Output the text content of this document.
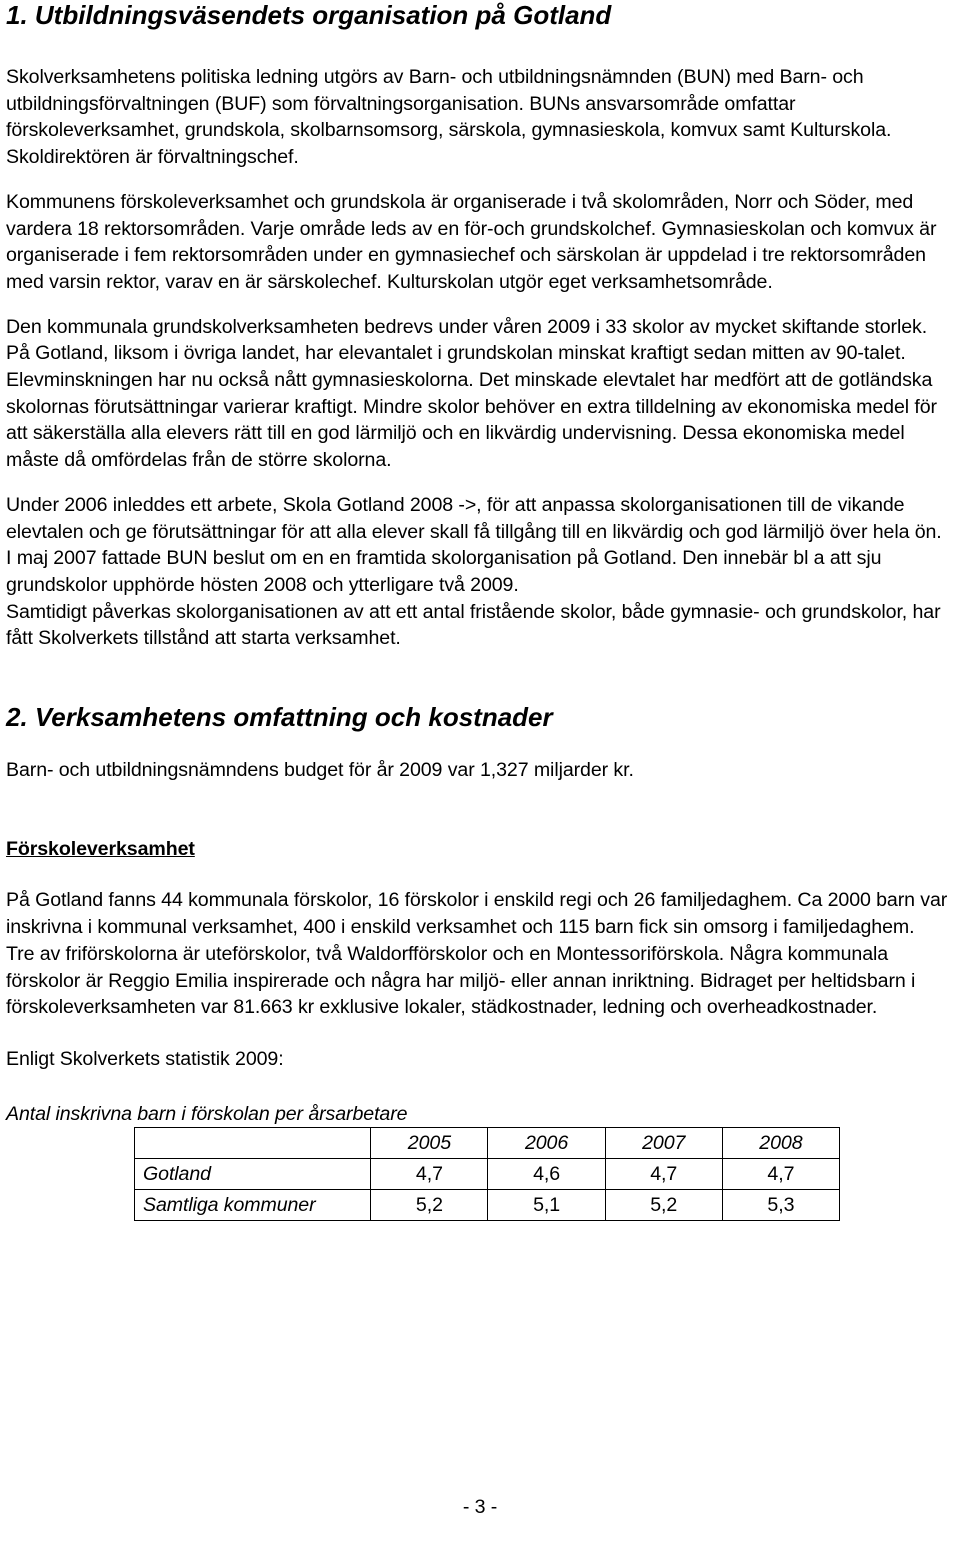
1. Utbildningsväsendets organisation på Gotland

Skolverksamhetens politiska ledning utgörs av Barn- och utbildningsnämnden (BUN) med Barn- och utbildningsförvaltningen (BUF) som förvaltningsorganisation. BUNs ansvarsområde omfattar förskoleverksamhet, grundskola, skolbarnsomsorg, särskola, gymnasieskola, komvux samt Kulturskola. Skoldirektören är förvaltningschef.

Kommunens förskoleverksamhet och grundskola är organiserade i två skolområden, Norr och Söder, med vardera 18 rektorsområden. Varje område leds av en för-och grundskolchef. Gymnasieskolan och komvux är organiserade i fem rektorsområden under en gymnasiechef och särskolan är uppdelad i tre rektorsområden med varsin rektor, varav en är särskolechef. Kulturskolan utgör eget verksamhetsområde.

Den kommunala grundskolverksamheten bedrevs under våren 2009 i 33 skolor av mycket skiftande storlek. På Gotland, liksom i övriga landet, har elevantalet i grundskolan minskat kraftigt sedan mitten av 90-talet. Elevminskningen har nu också nått gymnasieskolorna. Det minskade elevtalet har medfört att de gotländska skolornas förutsättningar varierar kraftigt. Mindre skolor behöver en extra tilldelning av ekonomiska medel för att säkerställa alla elevers rätt till en god lärmiljö och en likvärdig undervisning. Dessa ekonomiska medel måste då omfördelas från de större skolorna.

Under 2006 inleddes ett arbete, Skola Gotland 2008 ->, för att anpassa skolorganisationen till de vikande elevtalen och ge förutsättningar för att alla elever skall få tillgång till en likvärdig och god lärmiljö över hela ön. I maj 2007 fattade BUN beslut om en en framtida skolorganisation på Gotland. Den innebär bl a att sju grundskolor upphörde hösten 2008 och ytterligare två 2009.

Samtidigt påverkas skolorganisationen av att ett antal fristående skolor, både gymnasie- och grundskolor, har fått Skolverkets tillstånd att starta verksamhet.

2. Verksamhetens omfattning och kostnader

Barn- och utbildningsnämndens budget för år 2009 var 1,327 miljarder kr.

Förskoleverksamhet

På Gotland fanns 44 kommunala förskolor, 16 förskolor i enskild regi och 26 familjedaghem. Ca 2000 barn var inskrivna i kommunal verksamhet, 400 i enskild verksamhet och 115 barn fick sin omsorg i familjedaghem.

Tre av friförskolorna är uteförskolor, två Waldorfförskolor och en Montessoriförskola. Några kommunala förskolor är Reggio Emilia inspirerade och några har miljö- eller annan inriktning. Bidraget per heltidsbarn i förskoleverksamheten var 81.663 kr exklusive lokaler, städkostnader, ledning och overheadkostnader.

Enligt Skolverkets statistik 2009:

Antal inskrivna barn i förskolan per årsarbetare

	2005	2006	2007	2008
Gotland	4,7	4,6	4,7	4,7
Samtliga kommuner	5,2	5,1	5,2	5,3
- 3 -
